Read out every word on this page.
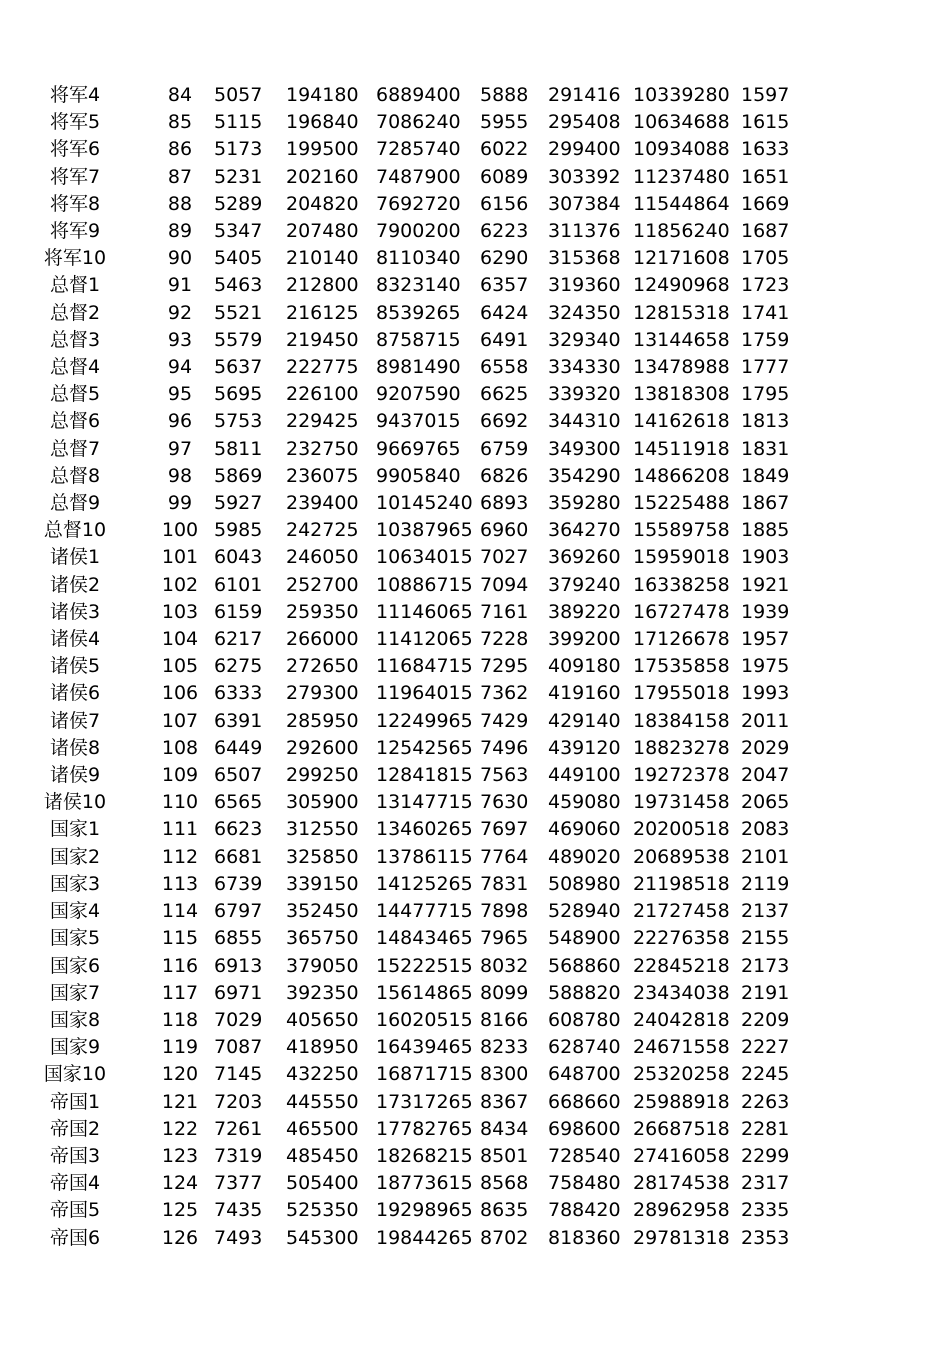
将军4	84	5057	194180	6889400	5888	291416	10339280	1597
将军5	85	5115	196840	7086240	5955	295408	10634688	1615
将军6	86	5173	199500	7285740	6022	299400	10934088	1633
将军7	87	5231	202160	7487900	6089	303392	11237480	1651
将军8	88	5289	204820	7692720	6156	307384	11544864	1669
将军9	89	5347	207480	7900200	6223	311376	11856240	1687
将军10	90	5405	210140	8110340	6290	315368	12171608	1705
总督1	91	5463	212800	8323140	6357	319360	12490968	1723
总督2	92	5521	216125	8539265	6424	324350	12815318	1741
总督3	93	5579	219450	8758715	6491	329340	13144658	1759
总督4	94	5637	222775	8981490	6558	334330	13478988	1777
总督5	95	5695	226100	9207590	6625	339320	13818308	1795
总督6	96	5753	229425	9437015	6692	344310	14162618	1813
总督7	97	5811	232750	9669765	6759	349300	14511918	1831
总督8	98	5869	236075	9905840	6826	354290	14866208	1849
总督9	99	5927	239400	10145240	6893	359280	15225488	1867
总督10	100	5985	242725	10387965	6960	364270	15589758	1885
诸侯1	101	6043	246050	10634015	7027	369260	15959018	1903
诸侯2	102	6101	252700	10886715	7094	379240	16338258	1921
诸侯3	103	6159	259350	11146065	7161	389220	16727478	1939
诸侯4	104	6217	266000	11412065	7228	399200	17126678	1957
诸侯5	105	6275	272650	11684715	7295	409180	17535858	1975
诸侯6	106	6333	279300	11964015	7362	419160	17955018	1993
诸侯7	107	6391	285950	12249965	7429	429140	18384158	2011
诸侯8	108	6449	292600	12542565	7496	439120	18823278	2029
诸侯9	109	6507	299250	12841815	7563	449100	19272378	2047
诸侯10	110	6565	305900	13147715	7630	459080	19731458	2065
国家1	111	6623	312550	13460265	7697	469060	20200518	2083
国家2	112	6681	325850	13786115	7764	489020	20689538	2101
国家3	113	6739	339150	14125265	7831	508980	21198518	2119
国家4	114	6797	352450	14477715	7898	528940	21727458	2137
国家5	115	6855	365750	14843465	7965	548900	22276358	2155
国家6	116	6913	379050	15222515	8032	568860	22845218	2173
国家7	117	6971	392350	15614865	8099	588820	23434038	2191
国家8	118	7029	405650	16020515	8166	608780	24042818	2209
国家9	119	7087	418950	16439465	8233	628740	24671558	2227
国家10	120	7145	432250	16871715	8300	648700	25320258	2245
帝国1	121	7203	445550	17317265	8367	668660	25988918	2263
帝国2	122	7261	465500	17782765	8434	698600	26687518	2281
帝国3	123	7319	485450	18268215	8501	728540	27416058	2299
帝国4	124	7377	505400	18773615	8568	758480	28174538	2317
帝国5	125	7435	525350	19298965	8635	788420	28962958	2335
帝国6	126	7493	545300	19844265	8702	818360	29781318	2353
